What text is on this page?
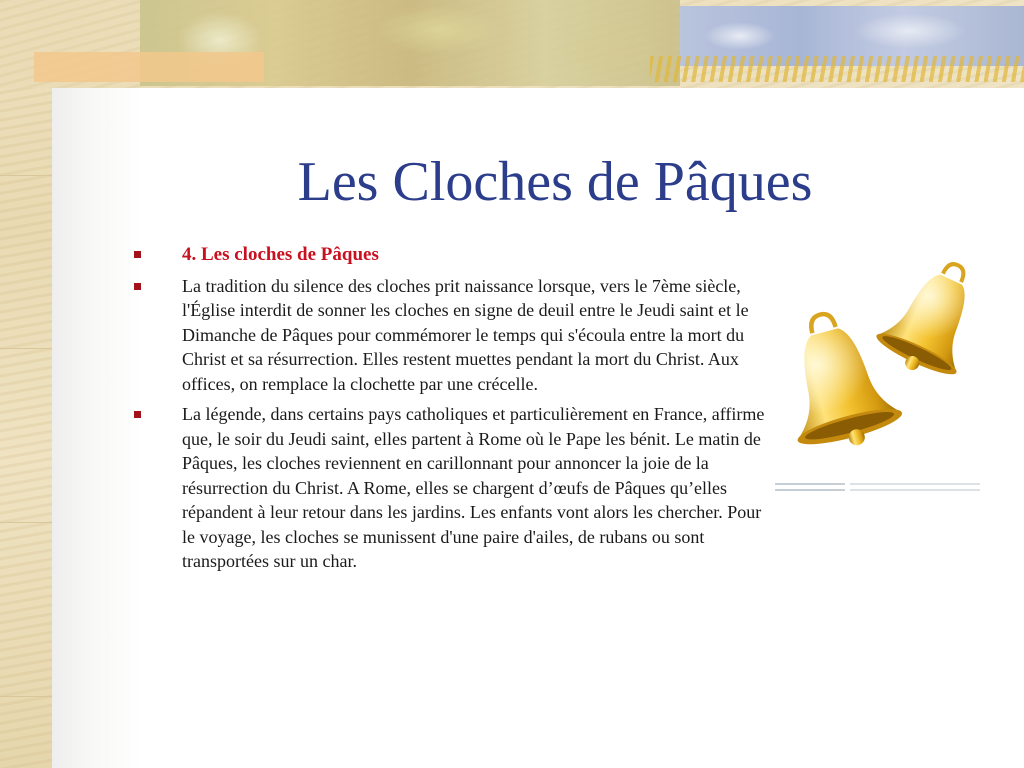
Les Cloches de Pâques
4. Les cloches de Pâques
La tradition du silence des cloches prit naissance lorsque, vers le 7ème siècle, l'Église interdit de sonner les cloches en signe de deuil entre le Jeudi saint et le Dimanche de Pâques pour commémorer le temps qui s'écoula entre la mort du Christ et sa résurrection. Elles restent muettes pendant la mort du Christ. Aux offices, on remplace la clochette par une crécelle.
La légende, dans certains pays catholiques et particulièrement en France, affirme que, le soir du Jeudi saint, elles partent à Rome où le Pape les bénit. Le matin de Pâques, les cloches reviennent en carillonnant pour annoncer la joie de la résurrection du Christ. A Rome, elles se chargent d’œufs de Pâques qu’elles répandent à leur retour dans les jardins. Les enfants vont alors les chercher. Pour le voyage, les cloches se munissent d'une paire d'ailes, de rubans ou sont transportées sur un char.
